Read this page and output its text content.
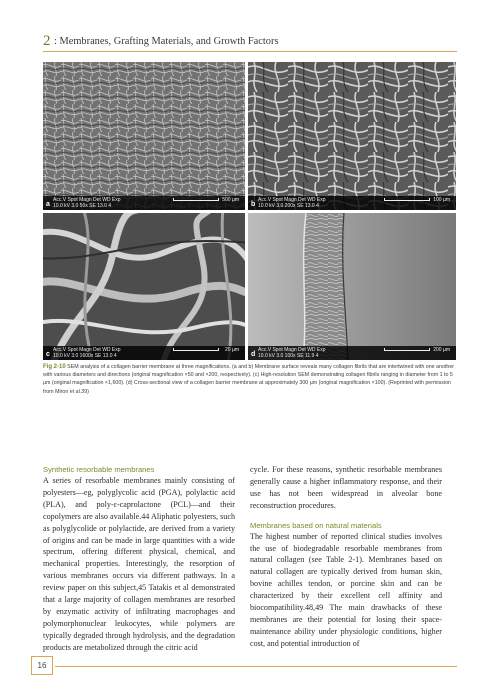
2 : Membranes, Grafting Materials, and Growth Factors
Acc.V Spot Magn Det WD Exp
10.0 kV 3.0 50x SE 13.0 4
500 µm
a
Acc.V Spot Magn Det WD Exp
10.0 kV 3.0 200x SE 13.0 4
100 µm
b
Acc.V Spot Magn Det WD Exp
10.0 kV 3.0 1600x SE 13.0 4
20 µm
c
Acc.V Spot Magn Det WD Exp
10.0 kV 3.0 100x SE 11.9 4
200 µm
d

Fig 2-10 SEM analysis of a collagen barrier membrane at three magnifications. (a and b) Membrane surface reveals many collagen fibrils that are intertwined with one another with various diameters and directions (original magnification ×50 and ×200, respectively). (c) High-resolution SEM demonstrating collagen fibrils ranging in diameter from 1 to 5 µm (original magnification ×1,600). (d) Cross-sectional view of a collagen barrier membrane at approximately 300 µm (original magnification ×100). (Reprinted with permission from Miron et al.39)

Synthetic resorbable membranes

A series of resorbable membranes mainly consisting of polyesters—eg, polyglycolic acid (PGA), polylactic acid (PLA), and poly-ε-caprolactone (PCL)—and their copolymers are also available.44 Aliphatic polyesters, such as polyglycolide or polylactide, are derived from a variety of origins and can be made in large quantities with a wide spectrum, offering different physical, chemical, and mechanical properties. Interestingly, the resorption of various membranes occurs via different pathways. In a review paper on this subject,45 Tatakis et al demonstrated that a large majority of collagen membranes are resorbed by enzymatic activity of infiltrating macrophages and polymorphonuclear leukocytes, while polymers are typically degraded through hydrolysis, and the degradation products are metabolized through the citric acid

cycle. For these reasons, synthetic resorbable membranes generally cause a higher inflammatory response, and their use has not been widespread in alveolar bone reconstruction procedures.

Membranes based on natural materials

The highest number of reported clinical studies involves the use of biodegradable resorbable membranes from natural collagen (see Table 2-1). Membranes based on natural collagen are typically derived from human skin, bovine achilles tendon, or porcine skin and can be characterized by their excellent cell affinity and biocompatibility.48,49 The main drawbacks of these membranes are their potential for losing their space-maintenance ability under physiologic conditions, higher cost, and potential introduction of

16
